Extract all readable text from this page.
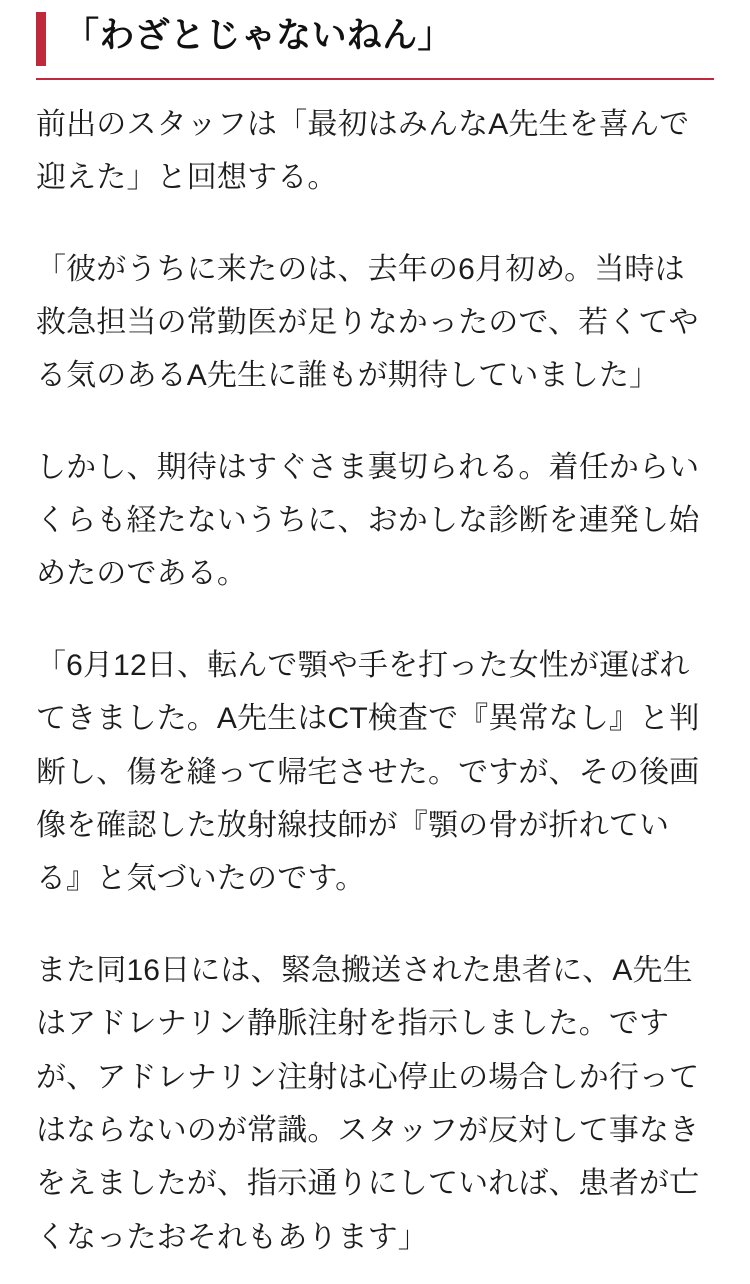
「わざとじゃないねん」

前出のスタッフは「最初はみんなA先生を喜んで迎えた」と回想する。

「彼がうちに来たのは、去年の6月初め。当時は救急担当の常勤医が足りなかったので、若くてやる気のあるA先生に誰もが期待していました」

しかし、期待はすぐさま裏切られる。着任からいくらも経たないうちに、おかしな診断を連発し始めたのである。

「6月12日、転んで顎や手を打った女性が運ばれてきました。A先生はCT検査で『異常なし』と判断し、傷を縫って帰宅させた。ですが、その後画像を確認した放射線技師が『顎の骨が折れている』と気づいたのです。

また同16日には、緊急搬送された患者に、A先生はアドレナリン静脈注射を指示しました。ですが、アドレナリン注射は心停止の場合しか行ってはならないのが常識。スタッフが反対して事なきをえましたが、指示通りにしていれば、患者が亡くなったおそれもあります」
